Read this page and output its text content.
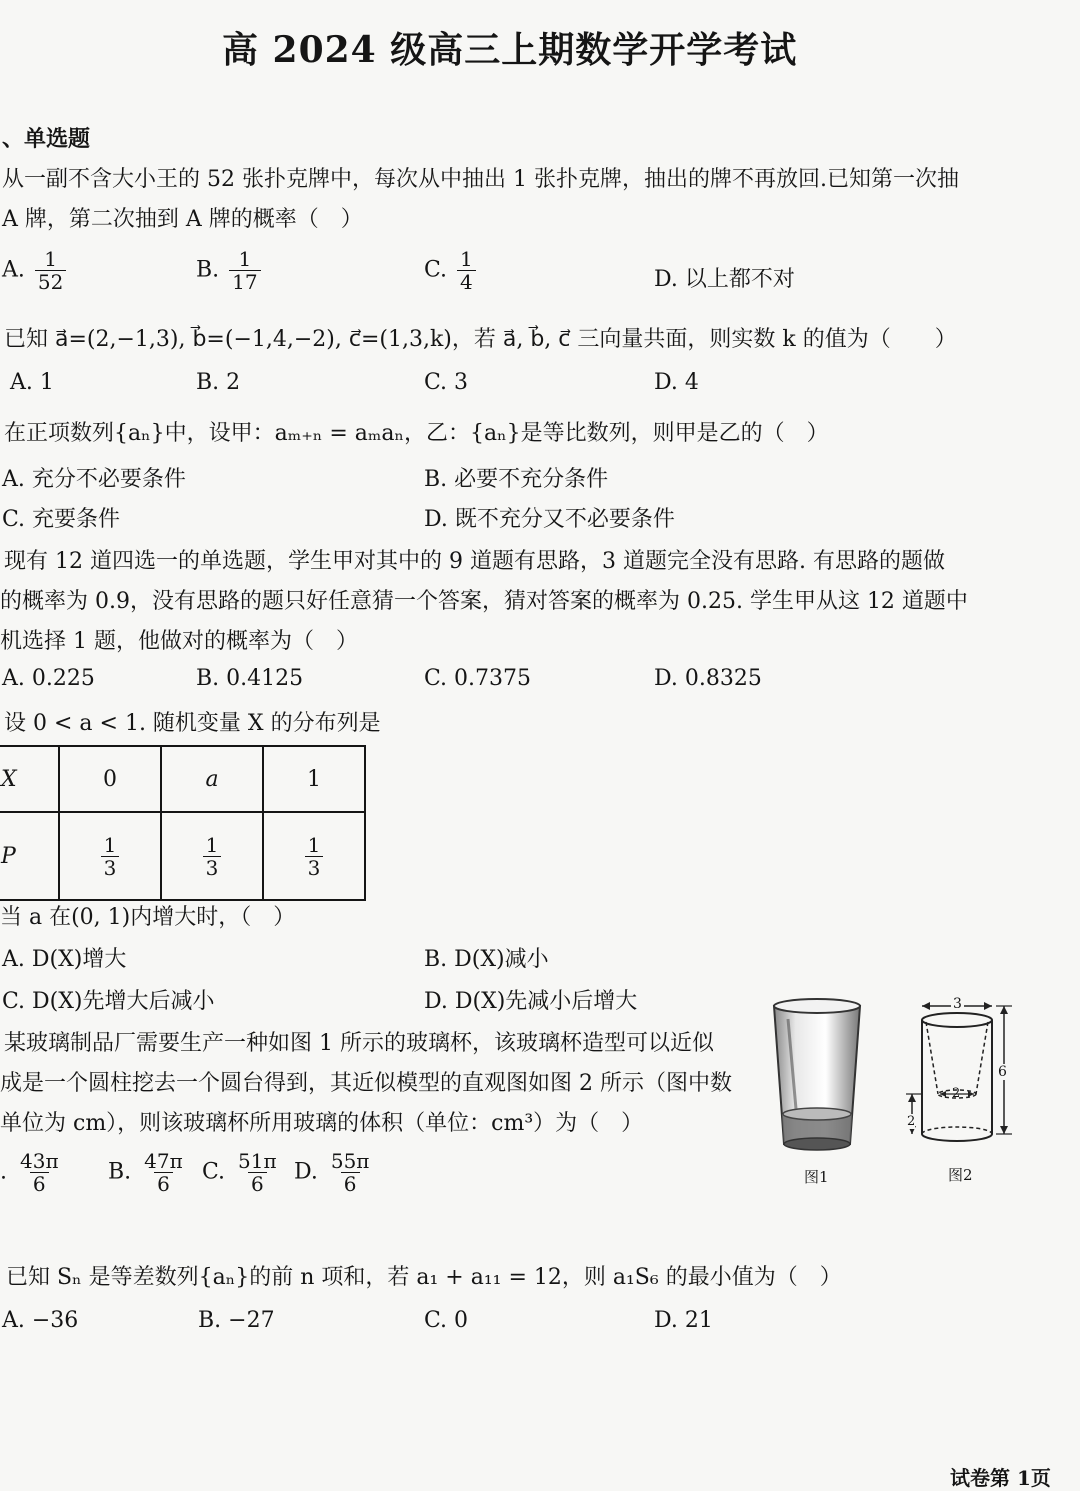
高 2024 级高三上期数学开学考试
、单选题
从一副不含大小王的 52 张扑克牌中，每次从中抽出 1 张扑克牌，抽出的牌不再放回.已知第一次抽
A 牌，第二次抽到 A 牌的概率（　）
A. $\frac{1}{52}$	B. $\frac{1}{17}$	C. $\frac{1}{4}$	D. 以上都不对
已知 a⃗=(2,−1,3), b⃗=(−1,4,−2), c⃗=(1,3,k)，若 a⃗, b⃗, c⃗ 三向量共面，则实数 k 的值为（　　）
A. 1	B. 2	C. 3	D. 4
在正项数列{aₙ}中，设甲：aₘ₊ₙ = aₘaₙ，乙：{aₙ}是等比数列，则甲是乙的（　）
A. 充分不必要条件	B. 必要不充分条件
C. 充要条件	D. 既不充分又不必要条件
现有 12 道四选一的单选题，学生甲对其中的 9 道题有思路，3 道题完全没有思路. 有思路的题做
的概率为 0.9，没有思路的题只好任意猜一个答案，猜对答案的概率为 0.25. 学生甲从这 12 道题中
机选择 1 题，他做对的概率为（　）
A. 0.225	B. 0.4125	C. 0.7375	D. 0.8325
设 0 < a < 1. 随机变量 X 的分布列是
X	0	a	1
P	$\frac{1}{3}$	$\frac{1}{3}$	$\frac{1}{3}$
当 a 在(0, 1)内增大时，（　）
A. D(X)增大	B. D(X)减小
C. D(X)先增大后减小	D. D(X)先减小后增大
某玻璃制品厂需要生产一种如图 1 所示的玻璃杯，该玻璃杯造型可以近似
成是一个圆柱挖去一个圆台得到，其近似模型的直观图如图 2 所示（图中数
单位为 cm），则该玻璃杯所用玻璃的体积（单位：cm³）为（　）
. $\frac{43\pi}{6} B$. $\frac{47\pi}{6} C$. $\frac{51\pi}{6} D$. $\frac{55\pi}{6}$	图1
3
6
2
2
图2
已知 Sₙ 是等差数列{aₙ}的前 n 项和，若 a₁ + a₁₁ = 12，则 a₁S₆ 的最小值为（　）
A. −36	B. −27	C. 0	D. 21
试卷第 1页
